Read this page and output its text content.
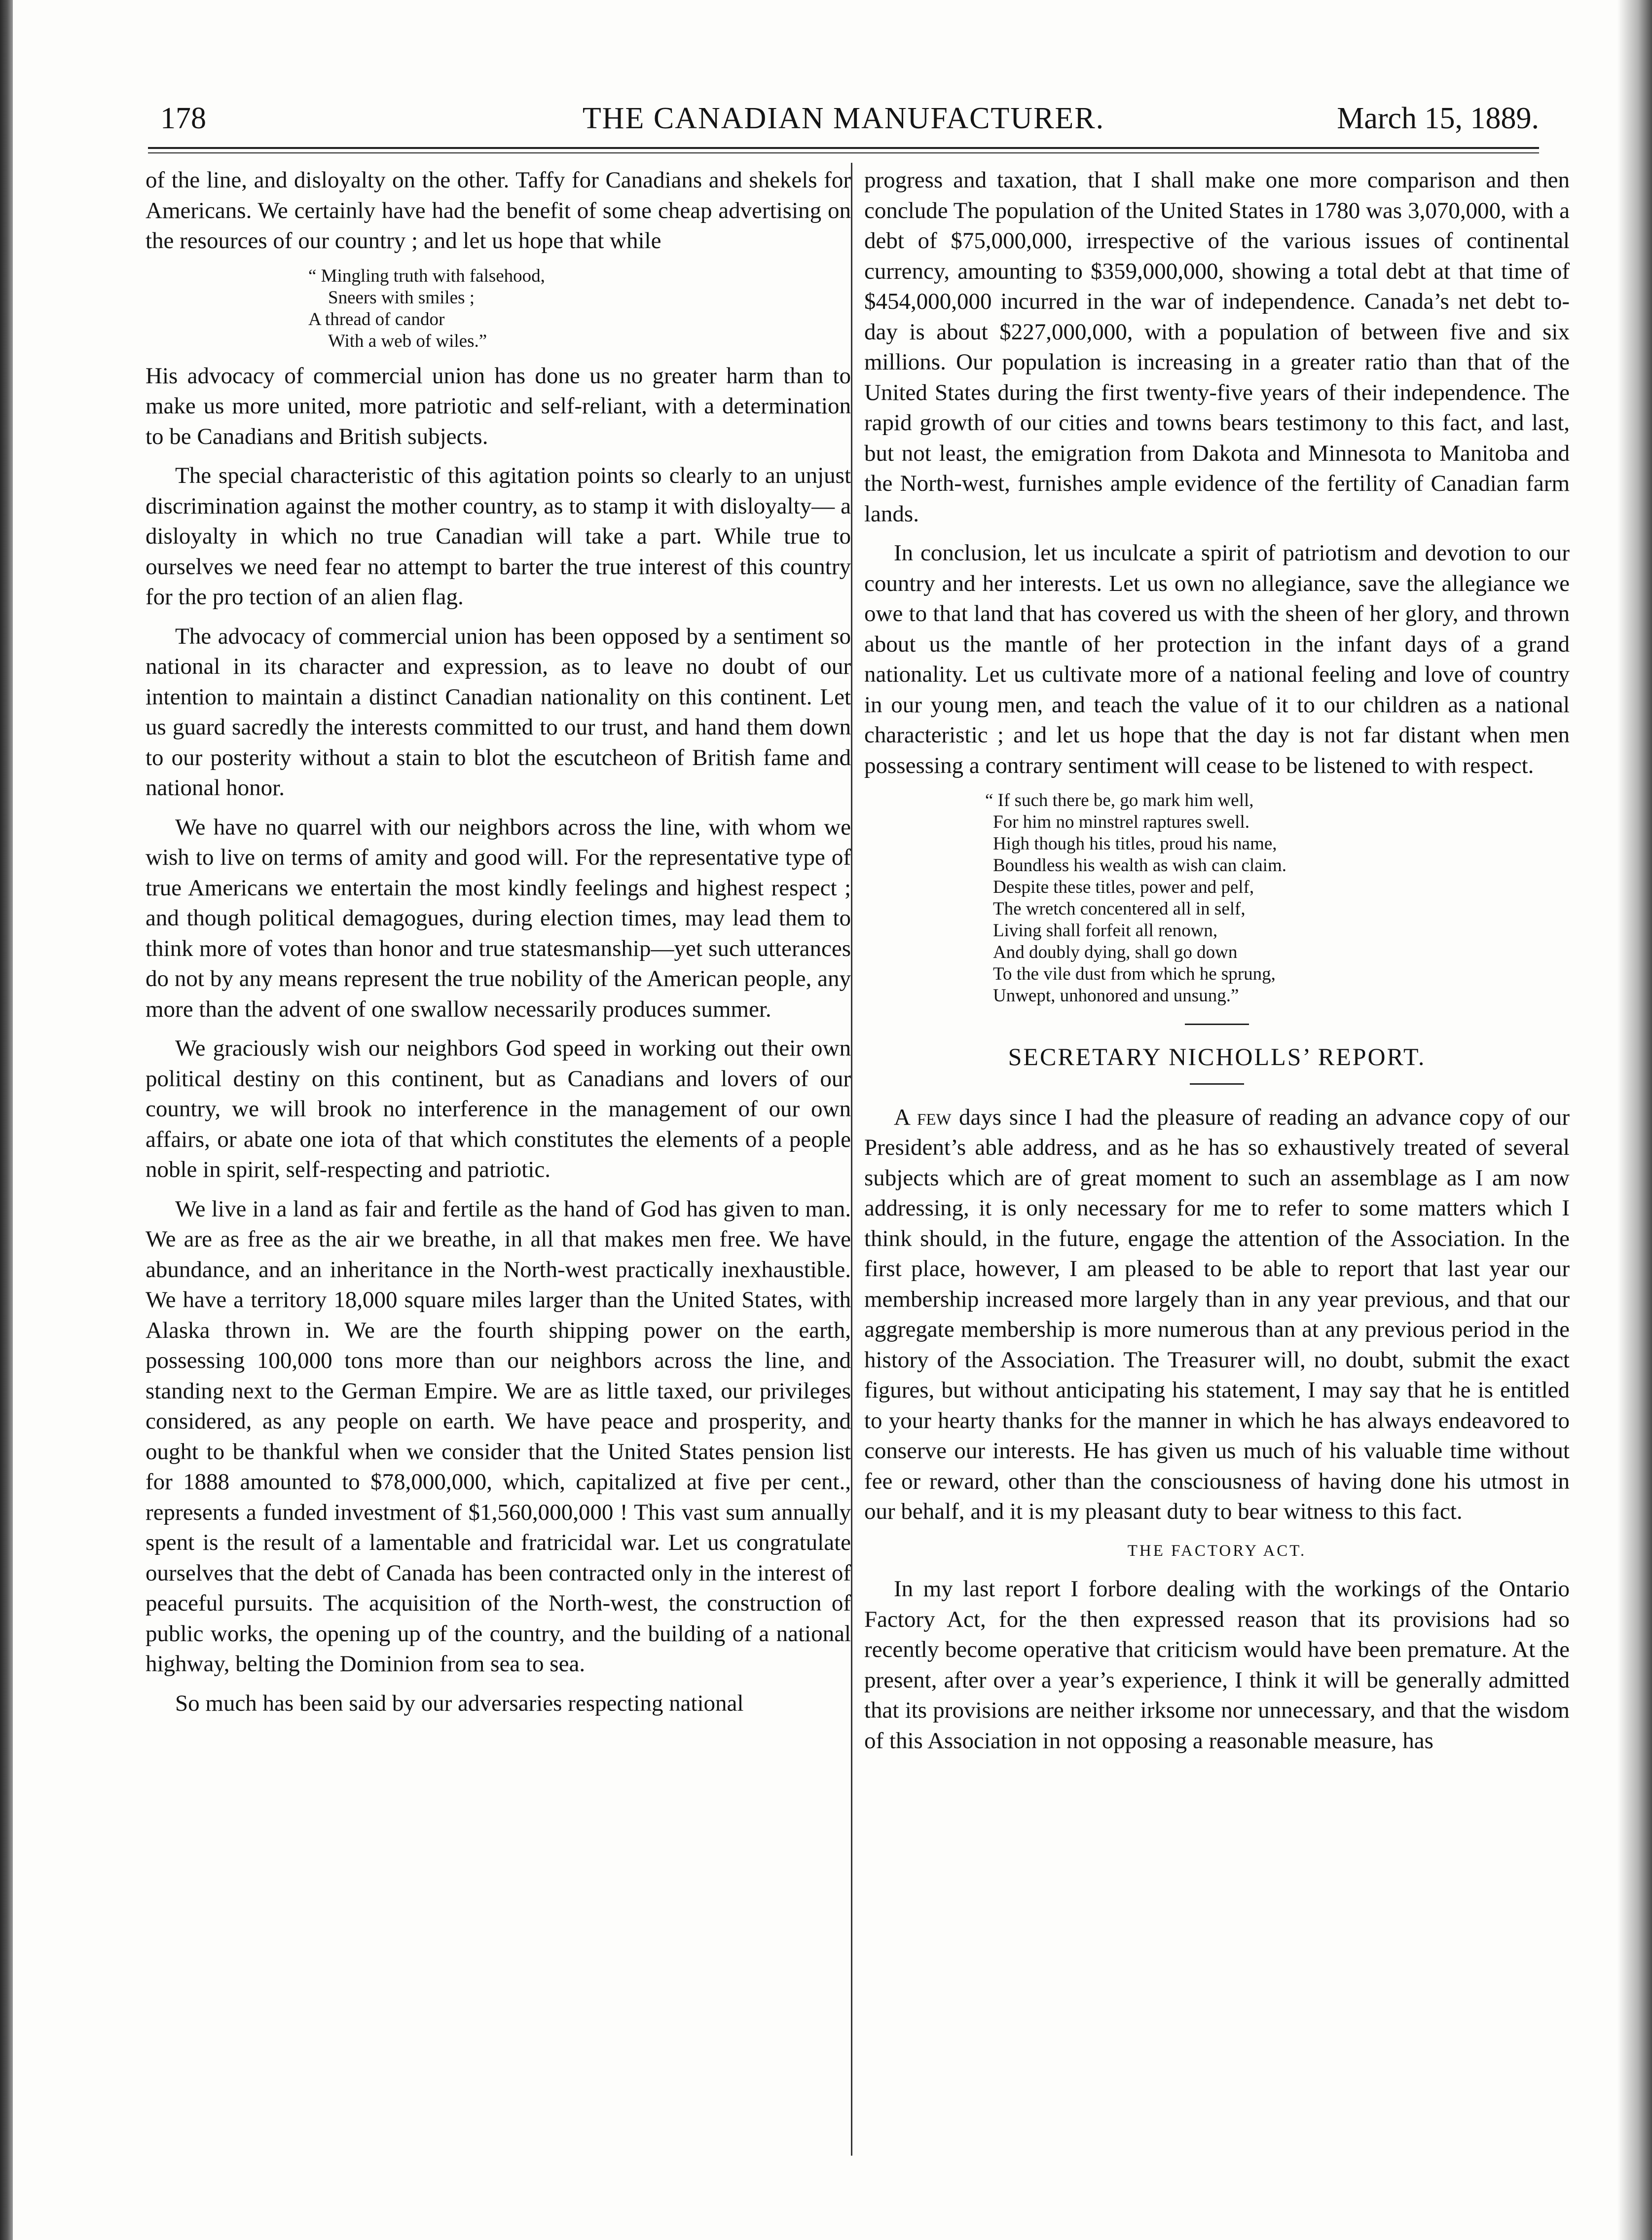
178	THE CANADIAN MANUFACTURER.	March 15, 1889.

of the line, and disloyalty on the other. Taffy for Canadians and shekels for Americans. We certainly have had the benefit of some cheap advertising on the resources of our country ; and let us hope that while

“ Mingling truth with falsehood,
Sneers with smiles ;
A thread of candor
With a web of wiles.”

His advocacy of commercial union has done us no greater harm than to make us more united, more patriotic and self-reliant, with a determination to be Canadians and British subjects.

The special characteristic of this agitation points so clearly to an unjust discrimination against the mother country, as to stamp it with disloyalty— a disloyalty in which no true Canadian will take a part. While true to ourselves we need fear no attempt to barter the true interest of this country for the pro tection of an alien flag.

The advocacy of commercial union has been opposed by a sentiment so national in its character and expression, as to leave no doubt of our intention to maintain a distinct Canadian nationality on this continent. Let us guard sacredly the interests committed to our trust, and hand them down to our posterity without a stain to blot the escutcheon of British fame and national honor.

We have no quarrel with our neighbors across the line, with whom we wish to live on terms of amity and good will. For the representative type of true Americans we entertain the most kindly feelings and highest respect ; and though political demagogues, during election times, may lead them to think more of votes than honor and true statesmanship—yet such utterances do not by any means represent the true nobility of the American people, any more than the advent of one swallow necessarily produces summer.

We graciously wish our neighbors God speed in working out their own political destiny on this continent, but as Canadians and lovers of our country, we will brook no interference in the management of our own affairs, or abate one iota of that which constitutes the elements of a people noble in spirit, self-respecting and patriotic.

We live in a land as fair and fertile as the hand of God has given to man. We are as free as the air we breathe, in all that makes men free. We have abundance, and an inheritance in the North-west practically inexhaustible. We have a territory 18,000 square miles larger than the United States, with Alaska thrown in. We are the fourth shipping power on the earth, possessing 100,000 tons more than our neighbors across the line, and standing next to the German Empire. We are as little taxed, our privileges considered, as any people on earth. We have peace and prosperity, and ought to be thankful when we consider that the United States pension list for 1888 amounted to $78,000,000, which, capitalized at five per cent., represents a funded investment of $1,560,000,000 ! This vast sum annually spent is the result of a lamentable and fratricidal war. Let us congratulate ourselves that the debt of Canada has been contracted only in the interest of peaceful pursuits. The acquisition of the North-west, the construction of public works, the opening up of the country, and the building of a national highway, belting the Dominion from sea to sea.

So much has been said by our adversaries respecting national

progress and taxation, that I shall make one more comparison and then conclude The population of the United States in 1780 was 3,070,000, with a debt of $75,000,000, irrespective of the various issues of continental currency, amounting to $359,000,000, showing a total debt at that time of $454,000,000 incurred in the war of independence. Canada’s net debt to-day is about $227,000,000, with a population of between five and six millions. Our population is increasing in a greater ratio than that of the United States during the first twenty-five years of their independence. The rapid growth of our cities and towns bears testimony to this fact, and last, but not least, the emigration from Dakota and Minnesota to Manitoba and the North-west, furnishes ample evidence of the fertility of Canadian farm lands.

In conclusion, let us inculcate a spirit of patriotism and devotion to our country and her interests. Let us own no allegiance, save the allegiance we owe to that land that has covered us with the sheen of her glory, and thrown about us the mantle of her protection in the infant days of a grand nationality. Let us cultivate more of a national feeling and love of country in our young men, and teach the value of it to our children as a national characteristic ; and let us hope that the day is not far distant when men possessing a contrary sentiment will cease to be listened to with respect.

“ If such there be, go mark him well,
For him no minstrel raptures swell.
High though his titles, proud his name,
Boundless his wealth as wish can claim.
Despite these titles, power and pelf,
The wretch concentered all in self,
Living shall forfeit all renown,
And doubly dying, shall go down
To the vile dust from which he sprung,
Unwept, unhonored and unsung.”
SECRETARY NICHOLLS’ REPORT.

A few days since I had the pleasure of reading an advance copy of our President’s able address, and as he has so exhaustively treated of several subjects which are of great moment to such an assemblage as I am now addressing, it is only necessary for me to refer to some matters which I think should, in the future, engage the attention of the Association. In the first place, however, I am pleased to be able to report that last year our membership increased more largely than in any year previous, and that our aggregate membership is more numerous than at any previous period in the history of the Association. The Treasurer will, no doubt, submit the exact figures, but without anticipating his statement, I may say that he is entitled to your hearty thanks for the manner in which he has always endeavored to conserve our interests. He has given us much of his valuable time without fee or reward, other than the consciousness of having done his utmost in our behalf, and it is my pleasant duty to bear witness to this fact.

THE FACTORY ACT.

In my last report I forbore dealing with the workings of the Ontario Factory Act, for the then expressed reason that its provisions had so recently become operative that criticism would have been premature. At the present, after over a year’s experience, I think it will be generally admitted that its provisions are neither irksome nor unnecessary, and that the wisdom of this Association in not opposing a reasonable measure, has
